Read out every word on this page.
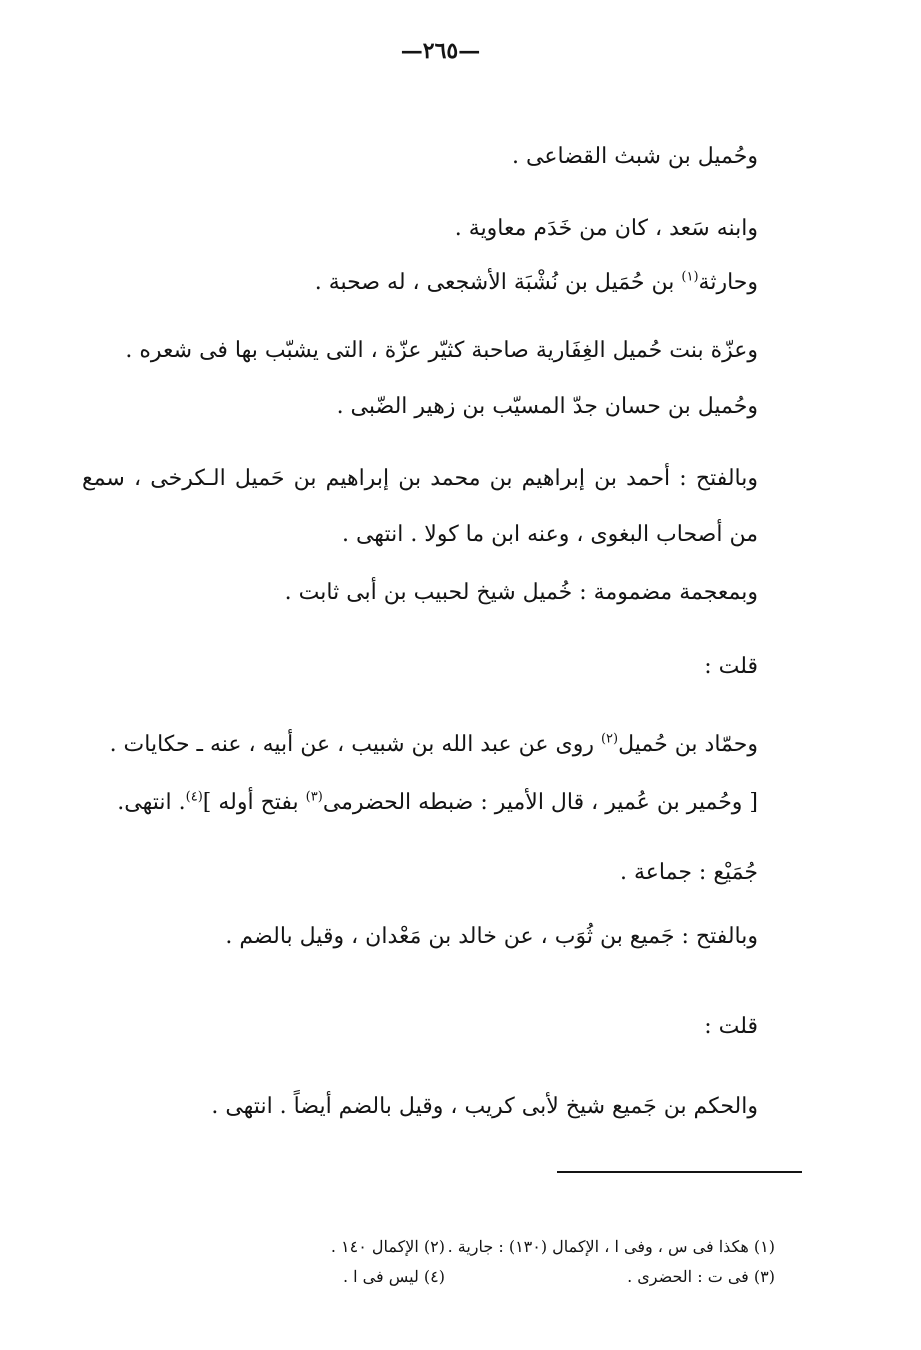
—٢٦٥—
وحُميل بن شبث القضاعى .
وابنه سَعد ، كان من خَدَم معاوية .
وحارثة$^{(١)}$ بن حُمَيل بن نُشْبَة الأشجعى ، له صحبة .
وعزّة بنت حُميل الغِفَارية صاحبة كثيّر عزّة ، التى يشبّب بها فى شعره .
وحُميل بن حسان جدّ المسيّب بن زهير الضّبى .
وبالفتح : أحمد بن إبراهيم بن محمد بن إبراهيم بن حَميل الـكرخى ، سمع من أصحاب البغوى ، وعنه ابن ما كولا . انتهى .
وبمعجمة مضمومة : خُميل شيخ لحبيب بن أبى ثابت .
قلت :
وحمّاد بن حُميل$^{(٢)}$ روى عن عبد الله بن شبيب ، عن أبيه ، عنه ـ حكايات .
[ وحُمير بن عُمير ، قال الأمير : ضبطه الحضرمى$^{(٣)}$ بفتح أوله ]$^{(٤)}$. انتهى.
جُمَيْع : جماعة .
وبالفتح : جَميع بن ثُوَب ، عن خالد بن مَعْدان ، وقيل بالضم .
قلت :
والحكم بن جَميع شيخ لأبى كريب ، وقيل بالضم أيضاً . انتهى .
(١) هكذا فى س ، وفى ا ، الإكمال (١٣٠) : جارية .
(٢) الإكمال ١٤٠ .
(٣) فى ت : الحضرى .
(٤) ليس فى ا .
